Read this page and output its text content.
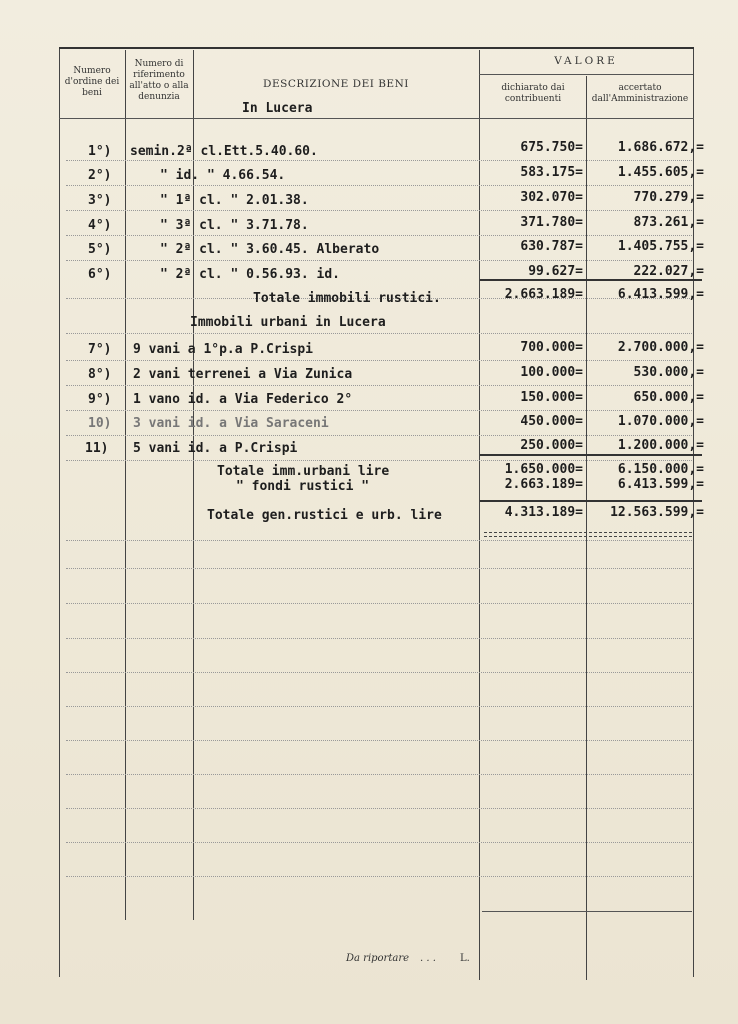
Numero d'ordine dei beni
Numero di riferimento all'atto o alla denunzia
DESCRIZIONE DEI BENI
VALORE
dichiarato dai contribuenti
accertato dall'Amministrazione
In Lucera
1°) semin.2ª cl.Ett.5.40.60.	675.750=	1.686.672,=
2°)	" id. " 4.66.54.	583.175=	1.455.605,=
3°)	" 1ª cl. " 2.01.38.	302.070=	770.279,=
4°)	" 3ª cl. " 3.71.78.	371.780=	873.261,=
5°)	" 2ª cl. " 3.60.45. Alberato	630.787=	1.405.755,=
6°)	" 2ª cl. " 0.56.93. id.	99.627=	222.027,=
Totale immobili rustici.	2.663.189=	6.413.599,=
Immobili urbani in Lucera
7°) 9 vani a 1°p.a P.Crispi	700.000=	2.700.000,=
8°) 2 vani terrenei a Via Zunica	100.000=	530.000,=
9°) 1 vano id. a Via Federico 2°	150.000=	650.000,=
10) 3 vani id. a Via Saraceni	450.000=	1.070.000,=
11) 5 vani id. a P.Crispi	250.000=	1.200.000,=
Totale imm.urbani lire	1.650.000=	6.150.000,=
" fondi rustici "	2.663.189=	6.413.599,=
Totale gen.rustici e urb. lire	4.313.189=	12.563.599,=
Da riportare . . . L.
